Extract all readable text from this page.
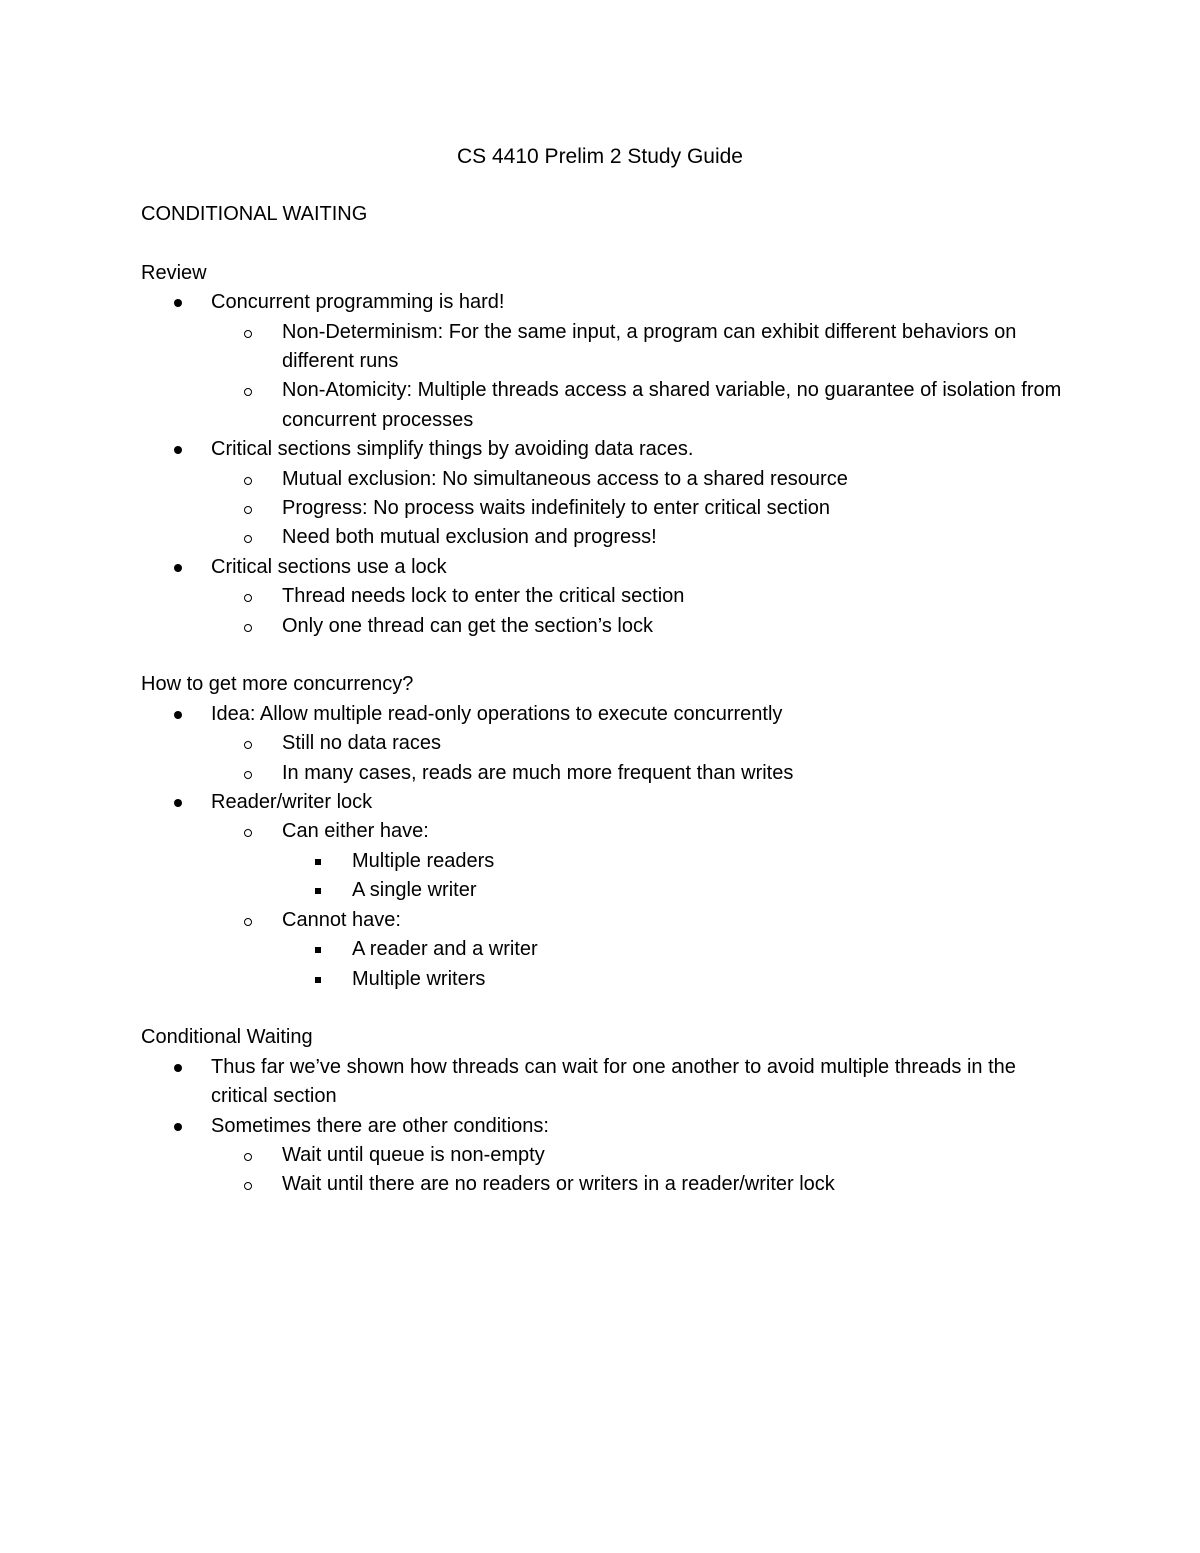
CS 4410 Prelim 2 Study Guide

CONDITIONAL WAITING

Review

Concurrent programming is hard!
Non-Determinism: For the same input, a program can exhibit different behaviors on different runs
Non-Atomicity: Multiple threads access a shared variable, no guarantee of isolation from concurrent processes
Critical sections simplify things by avoiding data races.
Mutual exclusion: No simultaneous access to a shared resource
Progress: No process waits indefinitely to enter critical section
Need both mutual exclusion and progress!
Critical sections use a lock
Thread needs lock to enter the critical section
Only one thread can get the section’s lock

How to get more concurrency?

Idea: Allow multiple read-only operations to execute concurrently
Still no data races
In many cases, reads are much more frequent than writes
Reader/writer lock
Can either have:
Multiple readers
A single writer
Cannot have:
A reader and a writer
Multiple writers

Conditional Waiting

Thus far we’ve shown how threads can wait for one another to avoid multiple threads in the critical section
Sometimes there are other conditions:
Wait until queue is non-empty
Wait until there are no readers or writers in a reader/writer lock
